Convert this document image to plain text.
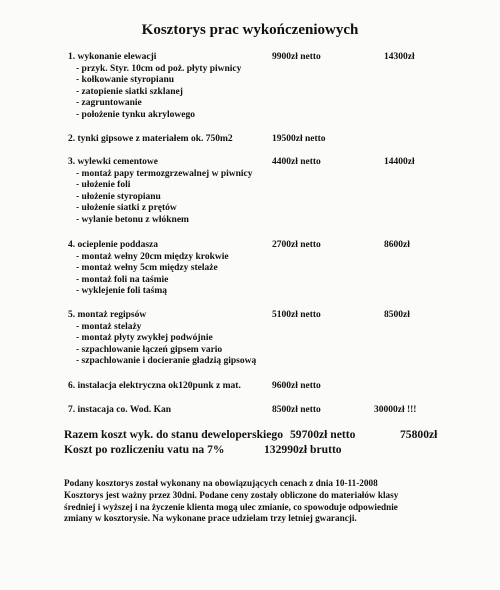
Kosztorys prac wykończeniowych
1. wykonanie elewacji	9900zł netto	14300zł
- przyk. Styr. 10cm od poż. płyty piwnicy
- kołkowanie styropianu
- zatopienie siatki szklanej
- zagruntowanie
- położenie tynku akrylowego
2. tynki gipsowe z materiałem ok. 750m2	19500zł netto
3. wylewki cementowe	4400zł netto	14400zł
- montaż papy termozgrzewalnej w piwnicy
- ułożenie foli
- ułożenie styropianu
- ułożenie siatki z prętów
- wylanie betonu z włóknem
4. ocieplenie poddasza	2700zł netto	8600zł
- montaż wełny 20cm między krokwie
- montaż wełny 5cm między stelaże
- montaż foli na taśmie
- wyklejenie foli taśmą
5. montaż regipsów	5100zł netto	8500zł
- montaż stelaży
- montaż płyty zwykłej podwójnie
- szpachlowanie łączeń gipsem vario
- szpachlowanie i docieranie gładzią gipsową
6. instalacja elektryczna ok120punk z mat.	9600zł netto
7. instacaja co. Wod. Kan	8500zł netto	30000zł !!!
Razem koszt wyk. do stanu deweloperskiego 59700zł netto	75800zł
Koszt po rozliczeniu vatu na 7%	132990zł brutto
Podany kosztorys został wykonany na obowiązujących cenach z dnia 10-11-2008
Kosztorys jest ważny przez 30dni. Podane ceny zostały obliczone do materiałów klasy
średniej i wyższej i na życzenie klienta mogą ulec zmianie, co spowoduje odpowiednie
zmiany w kosztorysie. Na wykonane prace udzielam trzy letniej gwarancji.
